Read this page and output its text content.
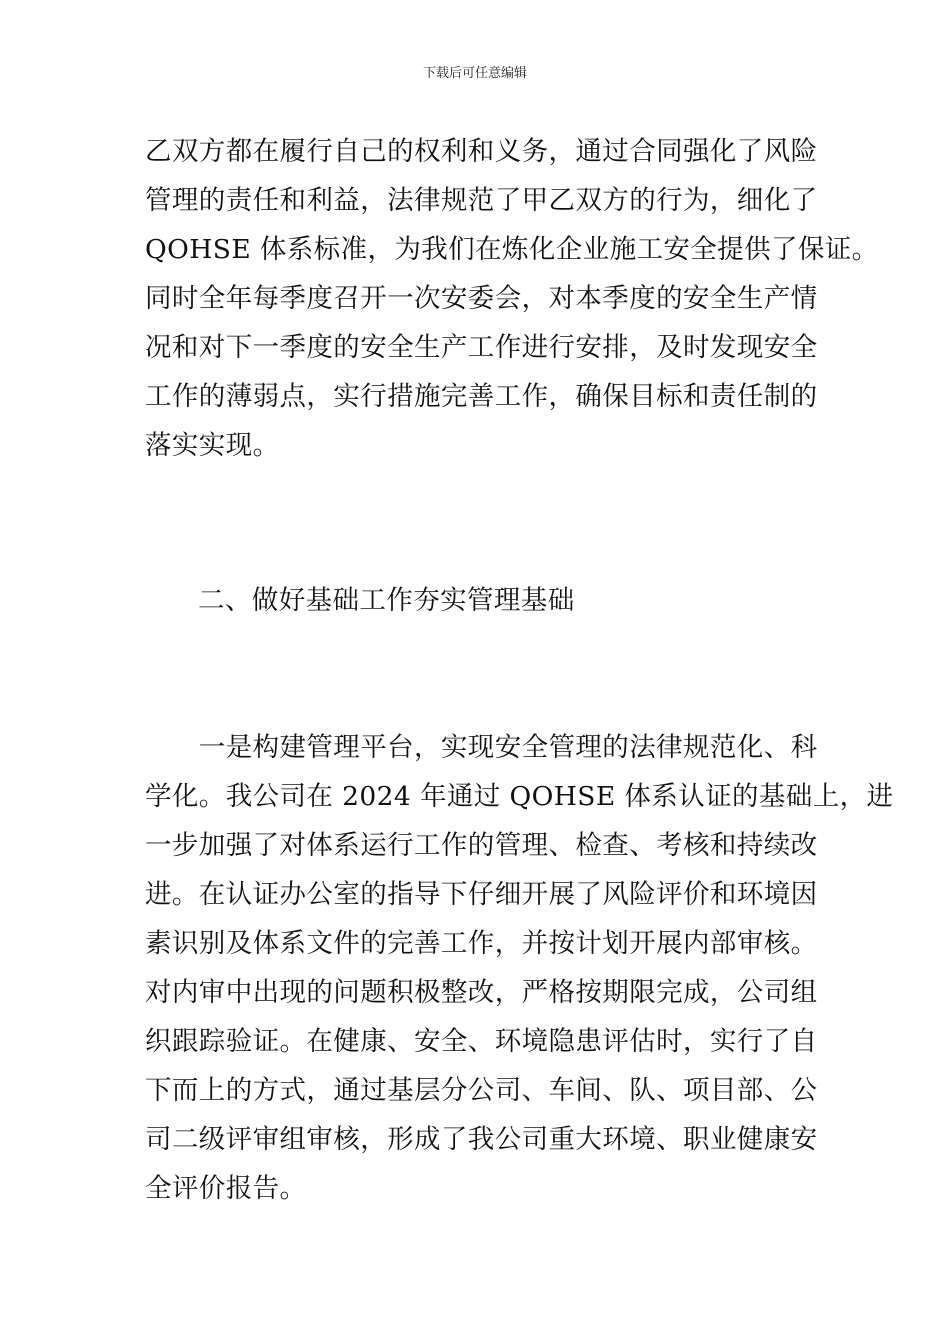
下载后可任意编辑
乙双方都在履行自己的权利和义务，通过合同强化了风险
管理的责任和利益，法律规范了甲乙双方的行为，细化了
QOHSE 体系标准，为我们在炼化企业施工安全提供了保证。
同时全年每季度召开一次安委会，对本季度的安全生产情
况和对下一季度的安全生产工作进行安排，及时发现安全
工作的薄弱点，实行措施完善工作，确保目标和责任制的
落实实现。
二、做好基础工作夯实管理基础
　　一是构建管理平台，实现安全管理的法律规范化、科
学化。我公司在 2024 年通过 QOHSE 体系认证的基础上，进
一步加强了对体系运行工作的管理、检查、考核和持续改
进。在认证办公室的指导下仔细开展了风险评价和环境因
素识别及体系文件的完善工作，并按计划开展内部审核。
对内审中出现的问题积极整改，严格按期限完成，公司组
织跟踪验证。在健康、安全、环境隐患评估时，实行了自
下而上的方式，通过基层分公司、车间、队、项目部、公
司二级评审组审核，形成了我公司重大环境、职业健康安
全评价报告。
